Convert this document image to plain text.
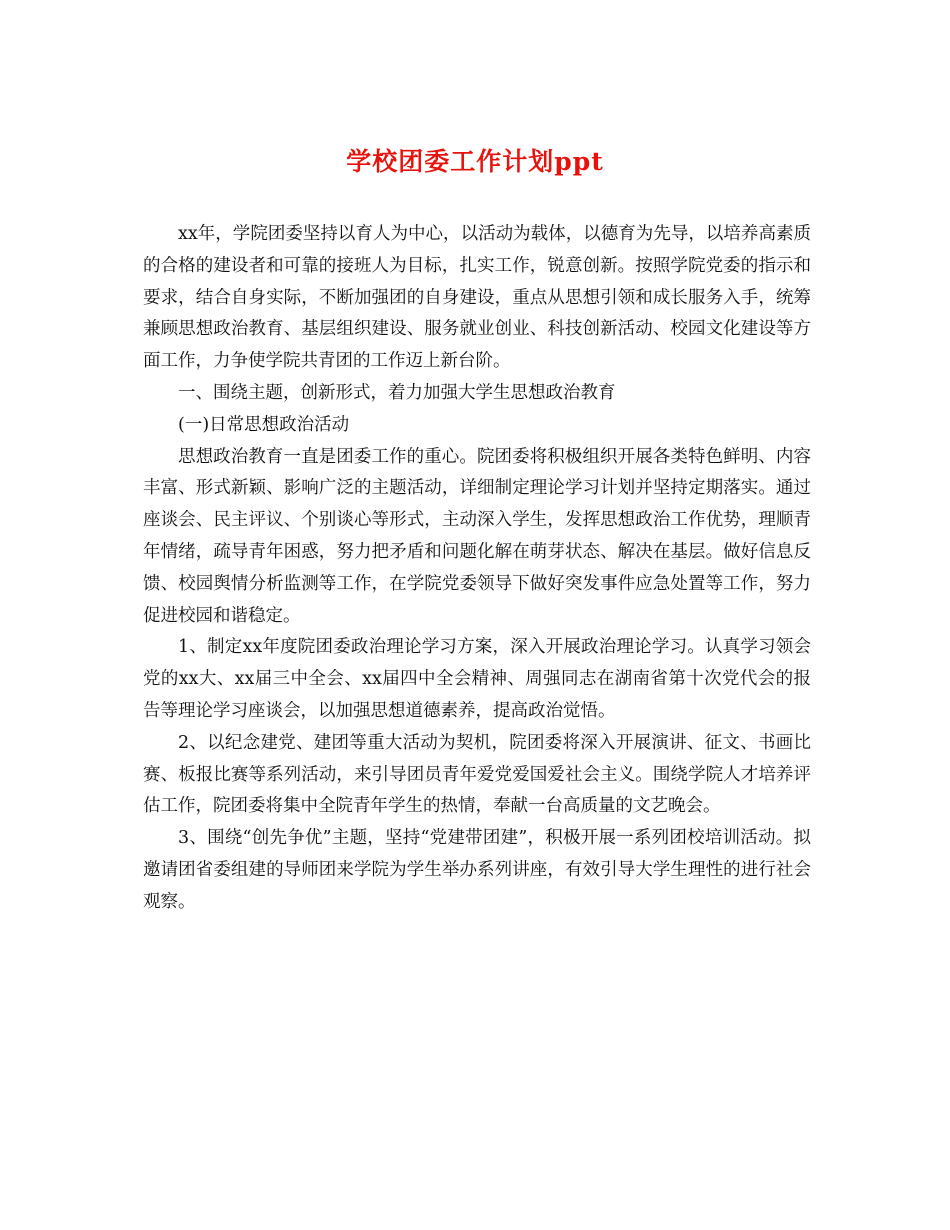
学校团委工作计划ppt

xx年，学院团委坚持以育人为中心，以活动为载体，以德育为先导，以培养高素质的合格的建设者和可靠的接班人为目标，扎实工作，锐意创新。按照学院党委的指示和要求，结合自身实际，不断加强团的自身建设，重点从思想引领和成长服务入手，统筹兼顾思想政治教育、基层组织建设、服务就业创业、科技创新活动、校园文化建设等方面工作，力争使学院共青团的工作迈上新台阶。

一、围绕主题，创新形式，着力加强大学生思想政治教育

(一)日常思想政治活动

思想政治教育一直是团委工作的重心。院团委将积极组织开展各类特色鲜明、内容丰富、形式新颖、影响广泛的主题活动，详细制定理论学习计划并坚持定期落实。通过座谈会、民主评议、个别谈心等形式，主动深入学生，发挥思想政治工作优势，理顺青年情绪，疏导青年困惑，努力把矛盾和问题化解在萌芽状态、解决在基层。做好信息反馈、校园舆情分析监测等工作，在学院党委领导下做好突发事件应急处置等工作，努力促进校园和谐稳定。

1、制定xx年度院团委政治理论学习方案，深入开展政治理论学习。认真学习领会党的xx大、xx届三中全会、xx届四中全会精神、周强同志在湖南省第十次党代会的报告等理论学习座谈会，以加强思想道德素养，提高政治觉悟。

2、以纪念建党、建团等重大活动为契机，院团委将深入开展演讲、征文、书画比赛、板报比赛等系列活动，来引导团员青年爱党爱国爱社会主义。围绕学院人才培养评估工作，院团委将集中全院青年学生的热情，奉献一台高质量的文艺晚会。

3、围绕“创先争优”主题，坚持“党建带团建”，积极开展一系列团校培训活动。拟邀请团省委组建的导师团来学院为学生举办系列讲座，有效引导大学生理性的进行社会观察。
